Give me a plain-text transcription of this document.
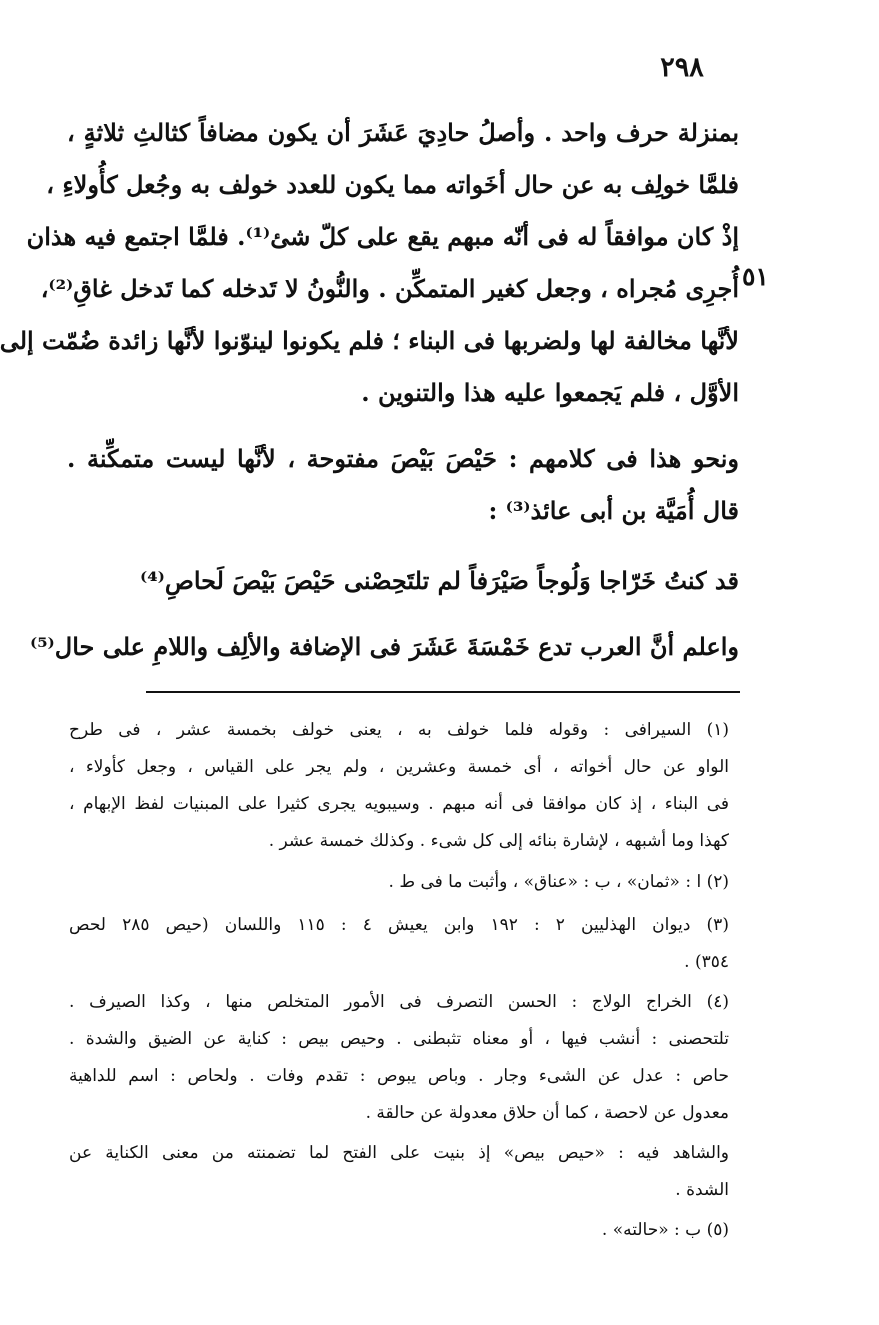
٢٩٨
٥١
بمنزلة حرف واحد . وأصلُ حادِيَ عَشَرَ أن يكون مضافاً كثالثِ ثلاثةٍ ،
فلمَّا خولِف به عن حال أخَواته مما يكون للعدد خولف به وجُعل كأُولاءِ ،
إذْ كان موافقاً له فى أنّه مبهم يقع على كلّ شئ⁽¹⁾. فلمَّا اجتمع فيه هذان
أُجرِى مُجراه ، وجعل كغير المتمكِّن . والنُّونُ لا تَدخله كما تَدخل غاقِ⁽²⁾،
لأنَّها مخالفة لها ولضربها فى البناء ؛ فلم يكونوا لينوّنوا لأنَّها زائدة ضُمّت إلى
الأوَّل ، فلم يَجمعوا عليه هذا والتنوين .
ونحو هذا فى كلامهم : حَيْصَ بَيْصَ مفتوحة ، لأنَّها ليست متمكِّنة .
قال أُمَيَّة بن أبى عائذ⁽³⁾ :
قد كنتُ خَرّاجا وَلُوجاً صَيْرَفاً لم تلتَحِصْنى حَيْصَ بَيْصَ لَحاصِ⁽⁴⁾
واعلم أنَّ العرب تدع خَمْسَةَ عَشَرَ فى الإضافة والألِف واللامِ على حال⁽⁵⁾
(١) السيرافى : وقوله فلما خولف به ، يعنى خولف بخمسة عشر ، فى طرح
الواو عن حال أخواته ، أى خمسة وعشرين ، ولم يجر على القياس ، وجعل كأولاء ،
فى البناء ، إذ كان موافقا فى أنه مبهم . وسيبويه يجرى كثيرا على المبنيات لفظ الإبهام ،
كهذا وما أشبهه ، لإشارة بنائه إلى كل شىء . وكذلك خمسة عشر .
(٢) ا : «ثمان» ، ب : «عناق» ، وأثبت ما فى ط .
(٣) ديوان الهذليين ٢ : ١٩٢ وابن يعيش ٤ : ١١٥ واللسان (حيص ٢٨٥ لحص
٣٥٤) .
(٤) الخراج الولاج : الحسن التصرف فى الأمور المتخلص منها ، وكذا الصيرف .
تلتحصنى : أنشب فيها ، أو معناه تثبطنى . وحيص بيص : كناية عن الضيق والشدة .
حاص : عدل عن الشىء وجار . وباص يبوص : تقدم وفات . ولحاص : اسم للداهية
معدول عن لاحصة ، كما أن حلاق معدولة عن حالقة .
والشاهد فيه : «حيص بيص» إذ بنيت على الفتح لما تضمنته من معنى الكناية عن
الشدة .
(٥) ب : «حالته» .
